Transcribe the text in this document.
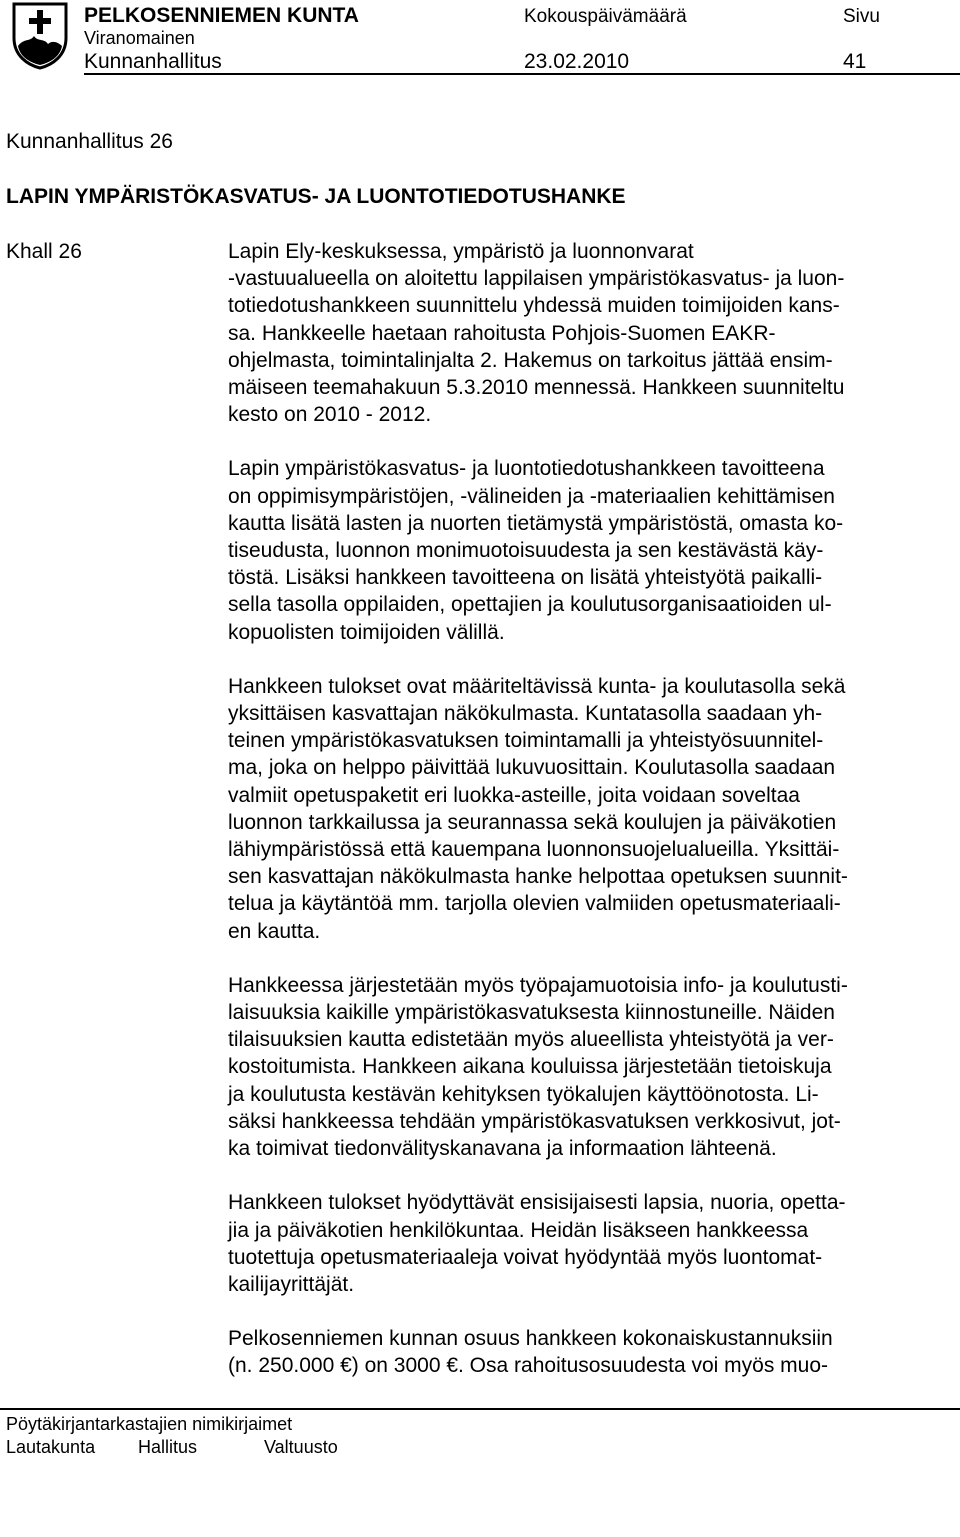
PELKOSENNIEMEN KUNTA
Viranomainen
Kunnanhallitus
Kokouspäivämäärä
23.02.2010
Sivu
41
Kunnanhallitus 26
LAPIN YMPÄRISTÖKASVATUS- JA LUONTOTIEDOTUSHANKE
Khall 26	Lapin Ely-keskuksessa, ympäristö ja luonnonvarat
-vastuualueella on aloitettu lappilaisen ympäristökasvatus- ja luon-
totiedotushankkeen suunnittelu yhdessä muiden toimijoiden kans-
sa. Hankkeelle haetaan rahoitusta Pohjois-Suomen EAKR-
ohjelmasta, toimintalinjalta 2. Hakemus on tarkoitus jättää ensim-
mäiseen teemahakuun 5.3.2010 mennessä. Hankkeen suunniteltu
kesto on 2010 - 2012.

Lapin ympäristökasvatus- ja luontotiedotushankkeen tavoitteena
on oppimisympäristöjen, -välineiden ja -materiaalien kehittämisen
kautta lisätä lasten ja nuorten tietämystä ympäristöstä, omasta ko-
tiseudusta, luonnon monimuotoisuudesta ja sen kestävästä käy-
töstä. Lisäksi hankkeen tavoitteena on lisätä yhteistyötä paikalli-
sella tasolla oppilaiden, opettajien ja koulutusorganisaatioiden ul-
kopuolisten toimijoiden välillä.

Hankkeen tulokset ovat määriteltävissä kunta- ja koulutasolla sekä
yksittäisen kasvattajan näkökulmasta. Kuntatasolla saadaan yh-
teinen ympäristökasvatuksen toimintamalli ja yhteistyösuunnitel-
ma, joka on helppo päivittää lukuvuosittain. Koulutasolla saadaan
valmiit opetuspaketit eri luokka-asteille, joita voidaan soveltaa
luonnon tarkkailussa ja seurannassa sekä koulujen ja päiväkotien
lähiympäristössä että kauempana luonnonsuojelualueilla. Yksittäi-
sen kasvattajan näkökulmasta hanke helpottaa opetuksen suunnit-
telua ja käytäntöä mm. tarjolla olevien valmiiden opetusmateriaali-
en kautta.

Hankkeessa järjestetään myös työpajamuotoisia info- ja koulutusti-
laisuuksia kaikille ympäristökasvatuksesta kiinnostuneille. Näiden
tilaisuuksien kautta edistetään myös alueellista yhteistyötä ja ver-
kostoitumista. Hankkeen aikana kouluissa järjestetään tietoiskuja
ja koulutusta kestävän kehityksen työkalujen käyttöönotosta. Li-
säksi hankkeessa tehdään ympäristökasvatuksen verkkosivut, jot-
ka toimivat tiedonvälityskanavana ja informaation lähteenä.

Hankkeen tulokset hyödyttävät ensisijaisesti lapsia, nuoria, opetta-
jia ja päiväkotien henkilökuntaa. Heidän lisäkseen hankkeessa
tuotettuja opetusmateriaaleja voivat hyödyntää myös luontomat-
kailijayrittäjät.

Pelkosenniemen kunnan osuus hankkeen kokonaiskustannuksiin
(n. 250.000 €) on 3000 €. Osa rahoitusosuudesta voi myös muo-

Pöytäkirjantarkastajien nimikirjaimet
Lautakunta Hallitus	Valtuusto
